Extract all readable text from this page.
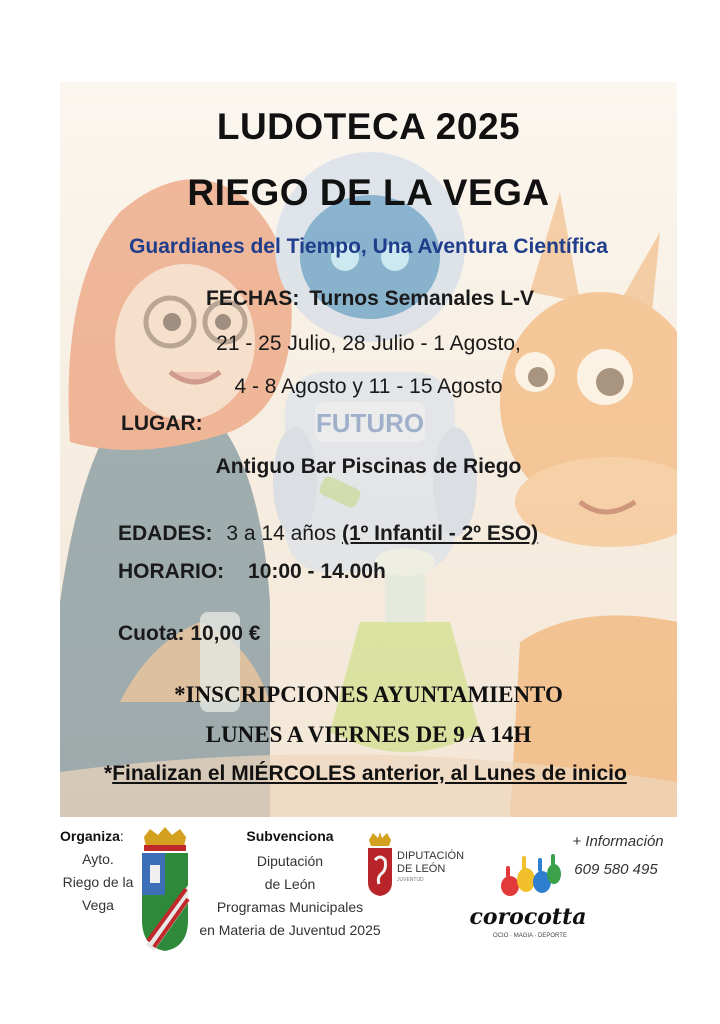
FUTURO
LUDOTECA 2025
RIEGO DE LA VEGA
Guardianes del Tiempo, Una Aventura Científica
FECHAS: Turnos Semanales L-V
21 - 25 Julio, 28 Julio - 1 Agosto,
4 - 8 Agosto y 11 - 15 Agosto
LUGAR:
Antiguo Bar Piscinas de Riego
EDADES: 3 a 14 años (1º Infantil - 2º ESO)
HORARIO: 10:00 - 14.00h
Cuota: 10,00 €
*INSCRIPCIONES AYUNTAMIENTO
LUNES A VIERNES DE 9 A 14H
*Finalizan el MIÉRCOLES anterior, al Lunes de inicio
Organiza:
Ayto.
Riego de la
Vega
Subvenciona
Diputación
de León
Programas Municipales
en Materia de Juventud 2025
DIPUTACIÓN
DE LEÓN
JUVENTUD
+ Información
609 580 495
corocotta
OCIO · MAGIA · DEPORTE
